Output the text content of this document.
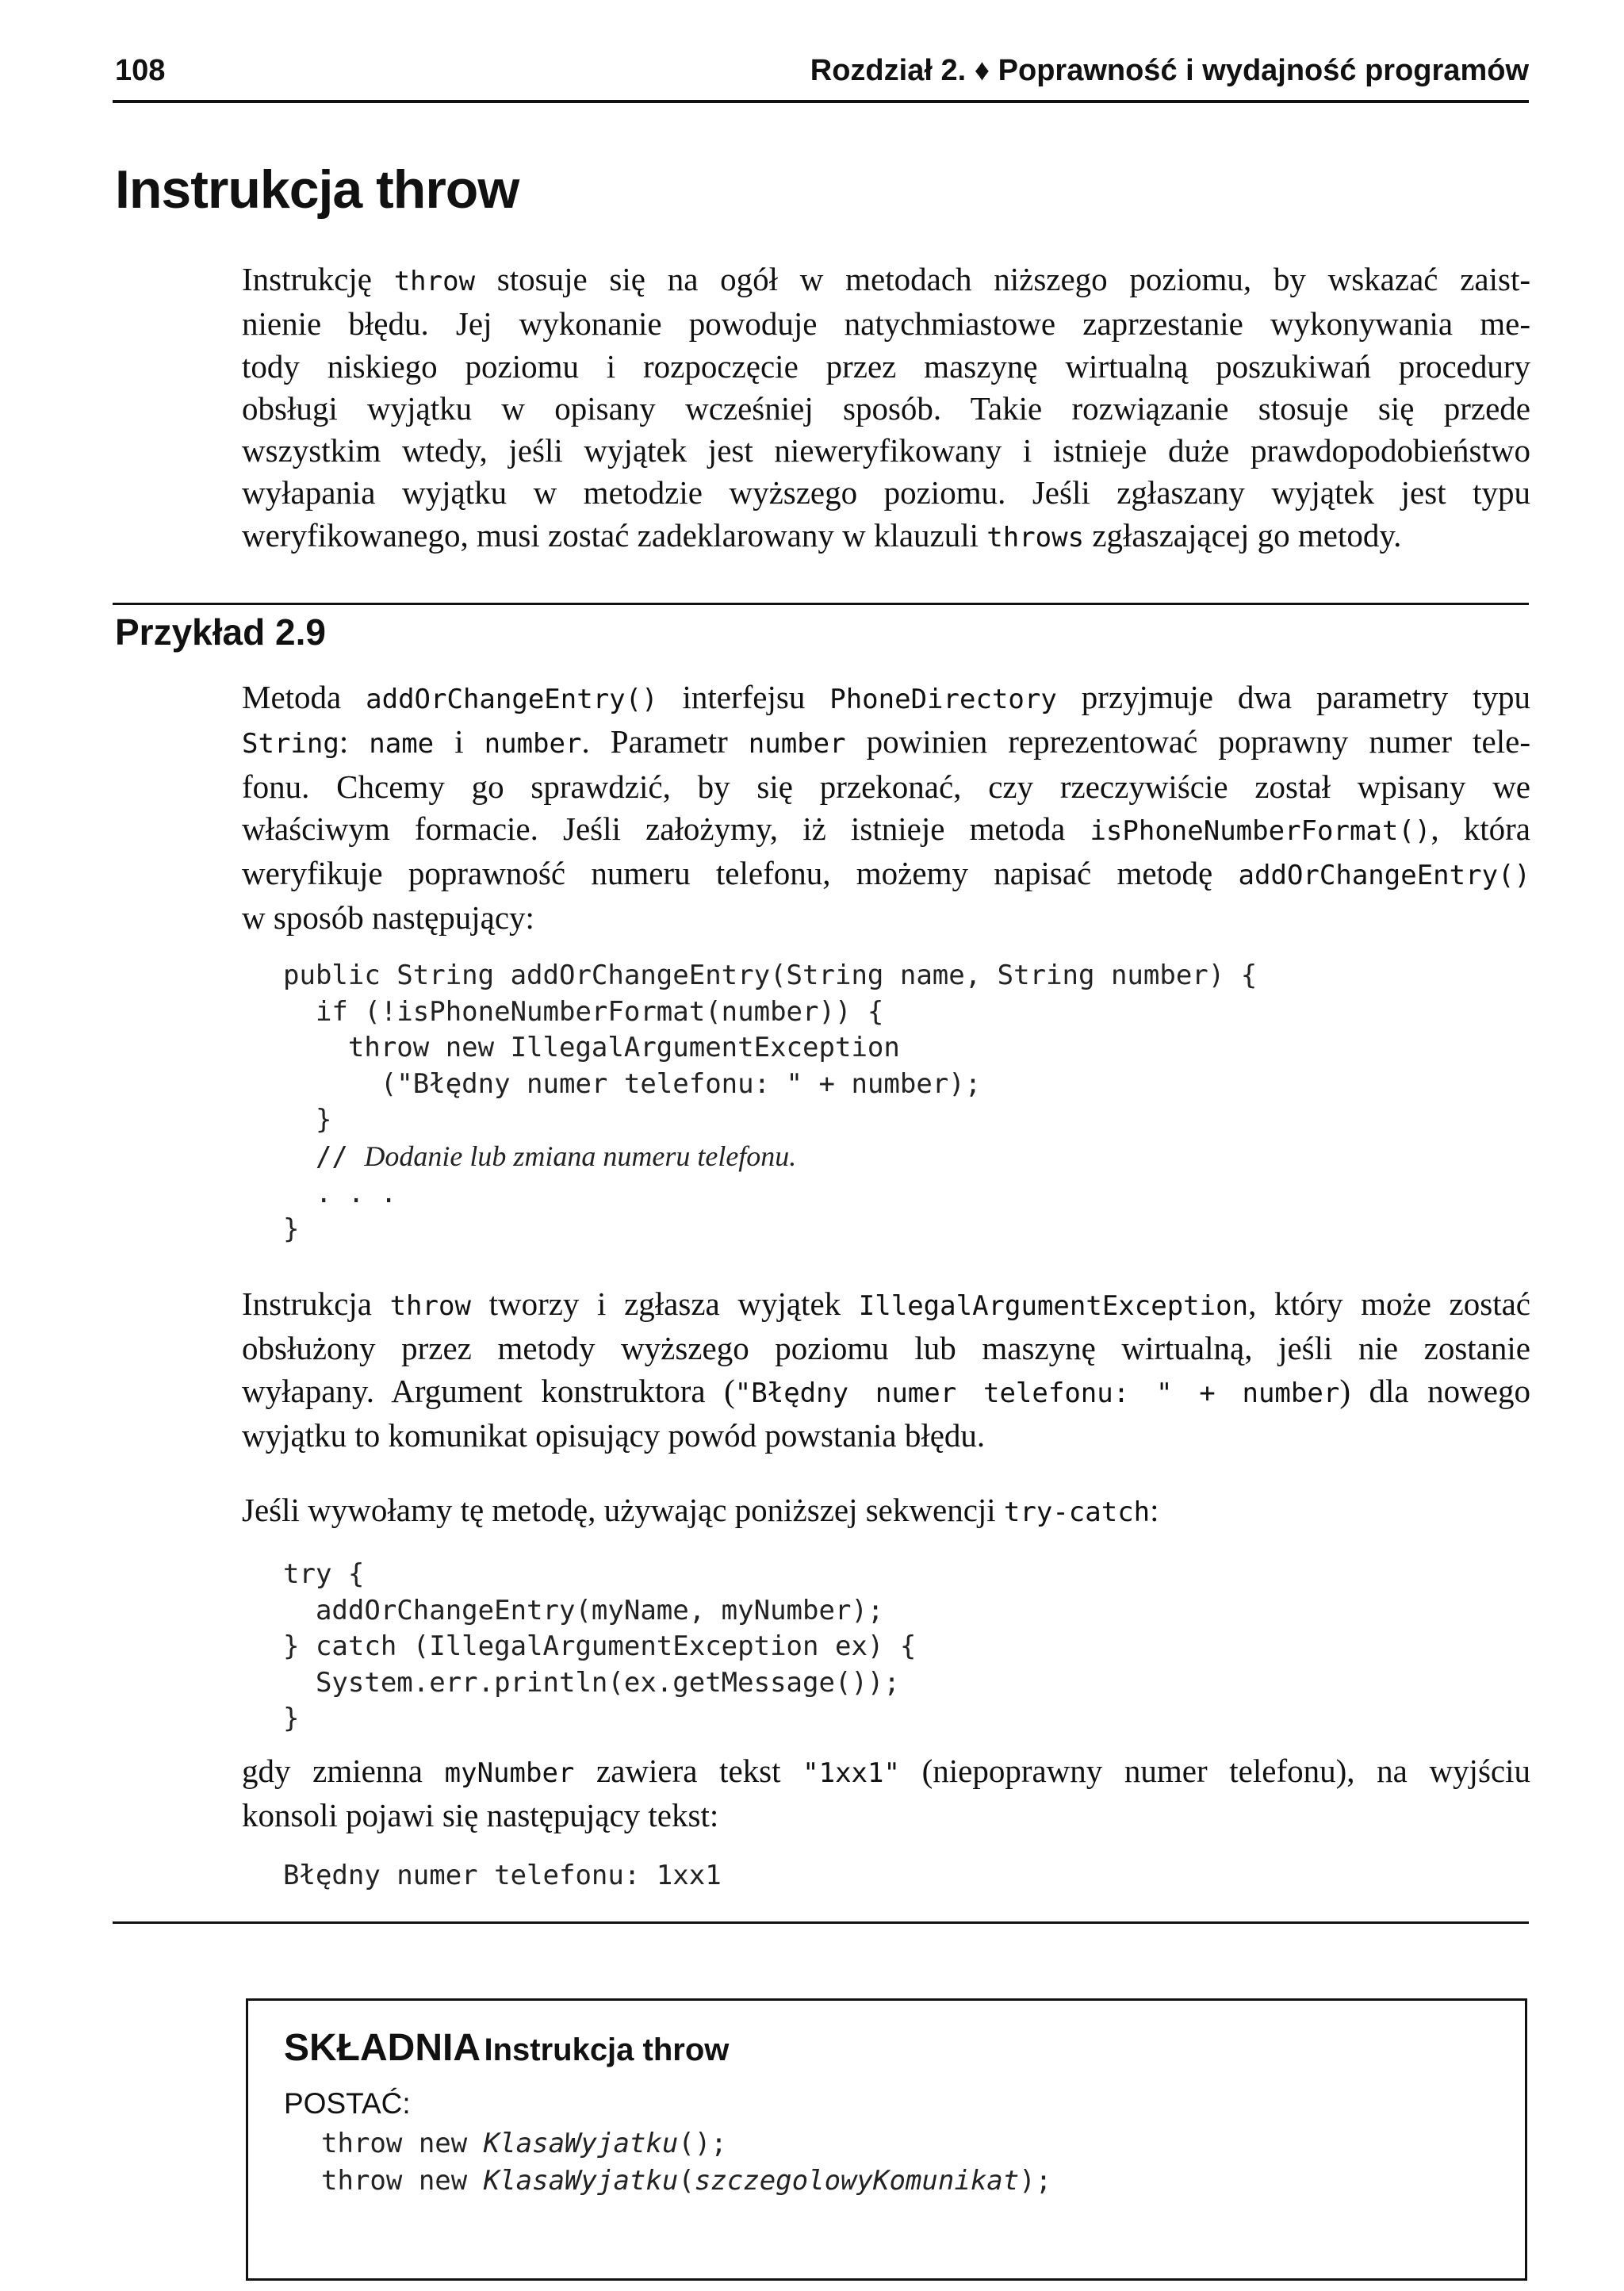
108	Rozdział 2. ♦ Poprawność i wydajność programów
Instrukcja throw
Instrukcję throw stosuje się na ogół w metodach niższego poziomu, by wskazać zaist-
nienie błędu. Jej wykonanie powoduje natychmiastowe zaprzestanie wykonywania me-
tody niskiego poziomu i rozpoczęcie przez maszynę wirtualną poszukiwań procedury
obsługi wyjątku w opisany wcześniej sposób. Takie rozwiązanie stosuje się przede
wszystkim wtedy, jeśli wyjątek jest nieweryfikowany i istnieje duże prawdopodobieństwo
wyłapania wyjątku w metodzie wyższego poziomu. Jeśli zgłaszany wyjątek jest typu
weryfikowanego, musi zostać zadeklarowany w klauzuli throws zgłaszającej go metody.
Przykład 2.9
Metoda addOrChangeEntry() interfejsu PhoneDirectory przyjmuje dwa parametry typu
String: name i number. Parametr number powinien reprezentować poprawny numer tele-
fonu. Chcemy go sprawdzić, by się przekonać, czy rzeczywiście został wpisany we
właściwym formacie. Jeśli założymy, iż istnieje metoda isPhoneNumberFormat(), która
weryfikuje poprawność numeru telefonu, możemy napisać metodę addOrChangeEntry()
w sposób następujący:
public String addOrChangeEntry(String name, String number) {
if (!isPhoneNumberFormat(number)) {
throw new IllegalArgumentException
("Błędny numer telefonu: " + number);
}
// Dodanie lub zmiana numeru telefonu.
. . .
}
Instrukcja throw tworzy i zgłasza wyjątek IllegalArgumentException, który może zostać
obsłużony przez metody wyższego poziomu lub maszynę wirtualną, jeśli nie zostanie
wyłapany. Argument konstruktora ("Błędny numer telefonu: " + number) dla nowego
wyjątku to komunikat opisujący powód powstania błędu.
Jeśli wywołamy tę metodę, używając poniższej sekwencji try-catch:
try {
addOrChangeEntry(myName, myNumber);
} catch (IllegalArgumentException ex) {
System.err.println(ex.getMessage());
}
gdy zmienna myNumber zawiera tekst "1xx1" (niepoprawny numer telefonu), na wyjściu
konsoli pojawi się następujący tekst:
Błędny numer telefonu: 1xx1
SKŁADNIA Instrukcja throw
POSTAĆ:
throw new KlasaWyjatku();
throw new KlasaWyjatku(szczegolowyKomunikat);
